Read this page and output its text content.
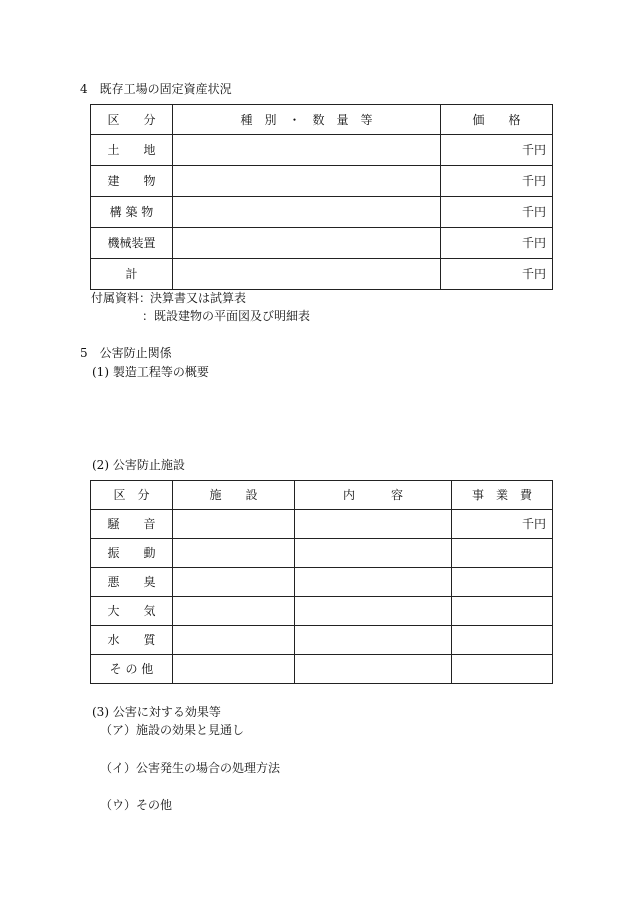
4　既存工場の固定資産状況
区　　分	種　別　・　数　量　等	価　　格
土　　地		千円
建　　物		千円
構 築 物		千円
機械装置		千円
計		千円
付属資料：
決算書又は試算表
：既設建物の平面図及び明細表
5　公害防止関係
(1) 製造工程等の概要
(2) 公害防止施設
区　分	施　　設	内　　　容	事　業　費
騒　　音			千円
振　　動			
悪　　臭			
大　　気			
水　　質			
そ の 他			
(3) 公害に対する効果等
（ア）施設の効果と見通し
（イ）公害発生の場合の処理方法
（ウ）その他
